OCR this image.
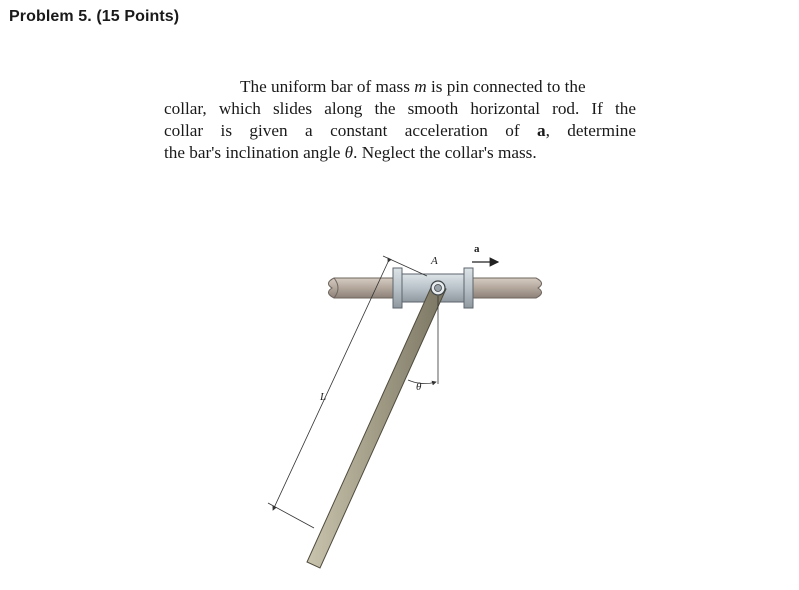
Problem 5. (15 Points)
The uniform bar of mass m is pin connected to the
collar, which slides along the smooth horizontal rod. If the
collar is given a constant acceleration of a, determine
the bar's inclination angle θ. Neglect the collar's mass.
A
a
θ
L
